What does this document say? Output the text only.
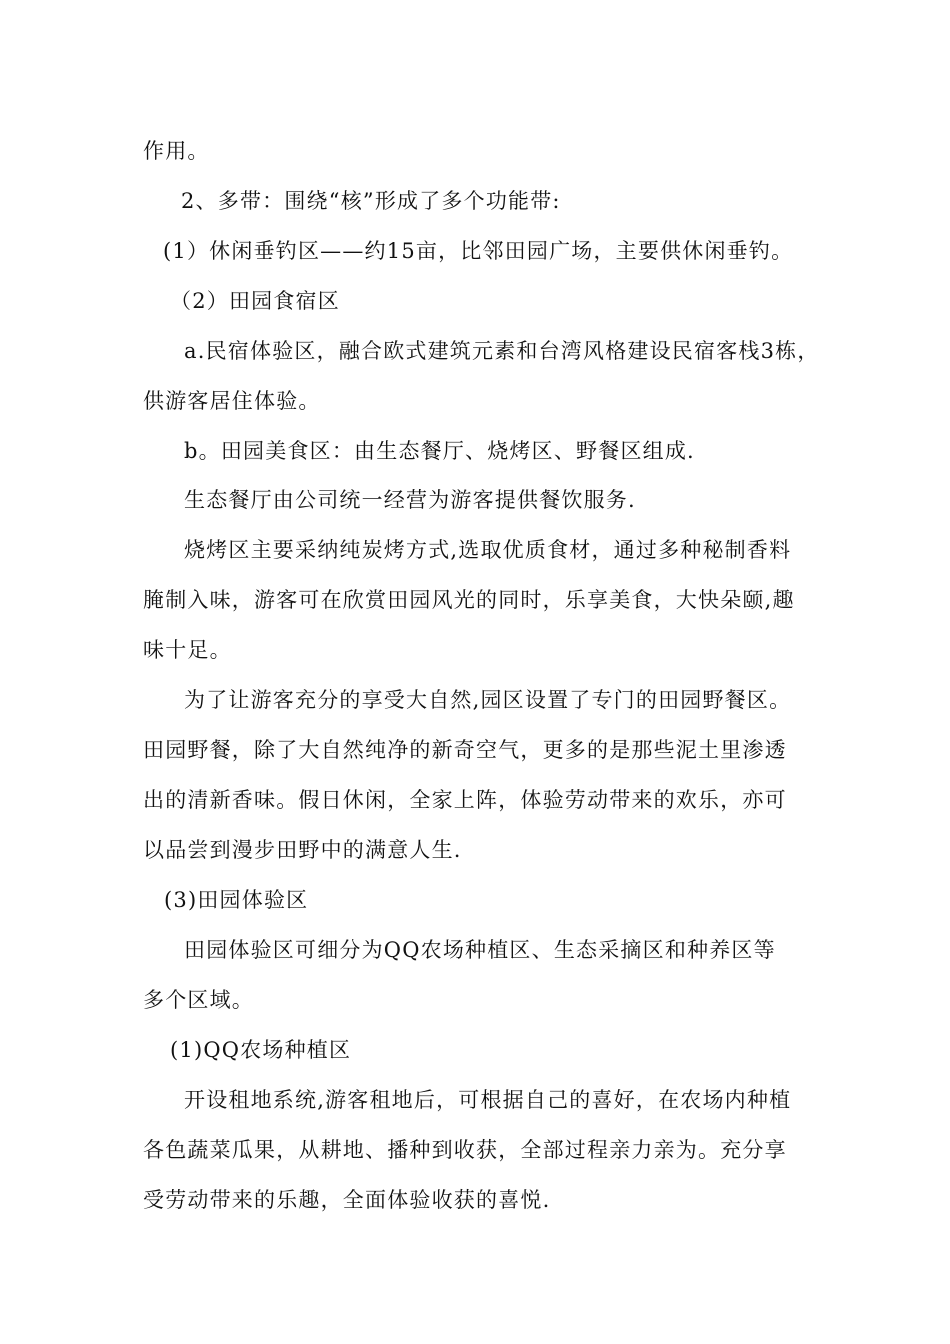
作用。
2、多带：围绕“核”形成了多个功能带:
(1）休闲垂钓区——约15亩，比邻田园广场，主要供休闲垂钓。
（2）田园食宿区
a.民宿体验区，融合欧式建筑元素和台湾风格建设民宿客栈3栋，
供游客居住体验。
b。田园美食区：由生态餐厅、烧烤区、野餐区组成.
生态餐厅由公司统一经营为游客提供餐饮服务.
烧烤区主要采纳纯炭烤方式,选取优质食材，通过多种秘制香料
腌制入味，游客可在欣赏田园风光的同时，乐享美食，大快朵颐,趣
味十足。
为了让游客充分的享受大自然,园区设置了专门的田园野餐区。
田园野餐，除了大自然纯净的新奇空气，更多的是那些泥土里渗透
出的清新香味。假日休闲，全家上阵，体验劳动带来的欢乐，亦可
以品尝到漫步田野中的满意人生.
(3)田园体验区
田园体验区可细分为QQ农场种植区、生态采摘区和种养区等
多个区域。
(1)QQ农场种植区
开设租地系统,游客租地后，可根据自己的喜好，在农场内种植
各色蔬菜瓜果，从耕地、播种到收获，全部过程亲力亲为。充分享
受劳动带来的乐趣，全面体验收获的喜悦.
